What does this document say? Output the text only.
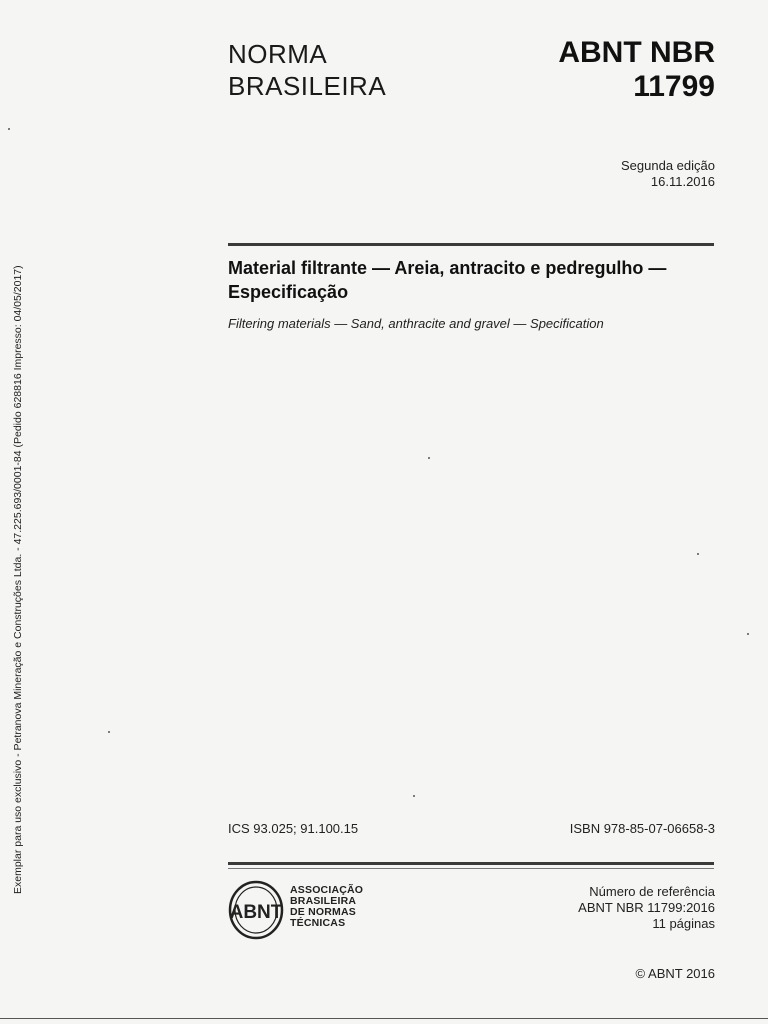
NORMA
BRASILEIRA
ABNT NBR
11799
Segunda edição
16.11.2016
Material filtrante — Areia, antracito e pedregulho — Especificação
Filtering materials — Sand, anthracite and gravel — Specification
ICS 93.025; 91.100.15	ISBN 978-85-07-06658-3
ABNT
ASSOCIAÇÃO
BRASILEIRA
DE NORMAS
TÉCNICAS
Número de referência
ABNT NBR 11799:2016
11 páginas
© ABNT 2016
Exemplar para uso exclusivo - Petranova Mineração e Construções Ltda. - 47.225.693/0001-84 (Pedido 628816 Impresso: 04/05/2017)
